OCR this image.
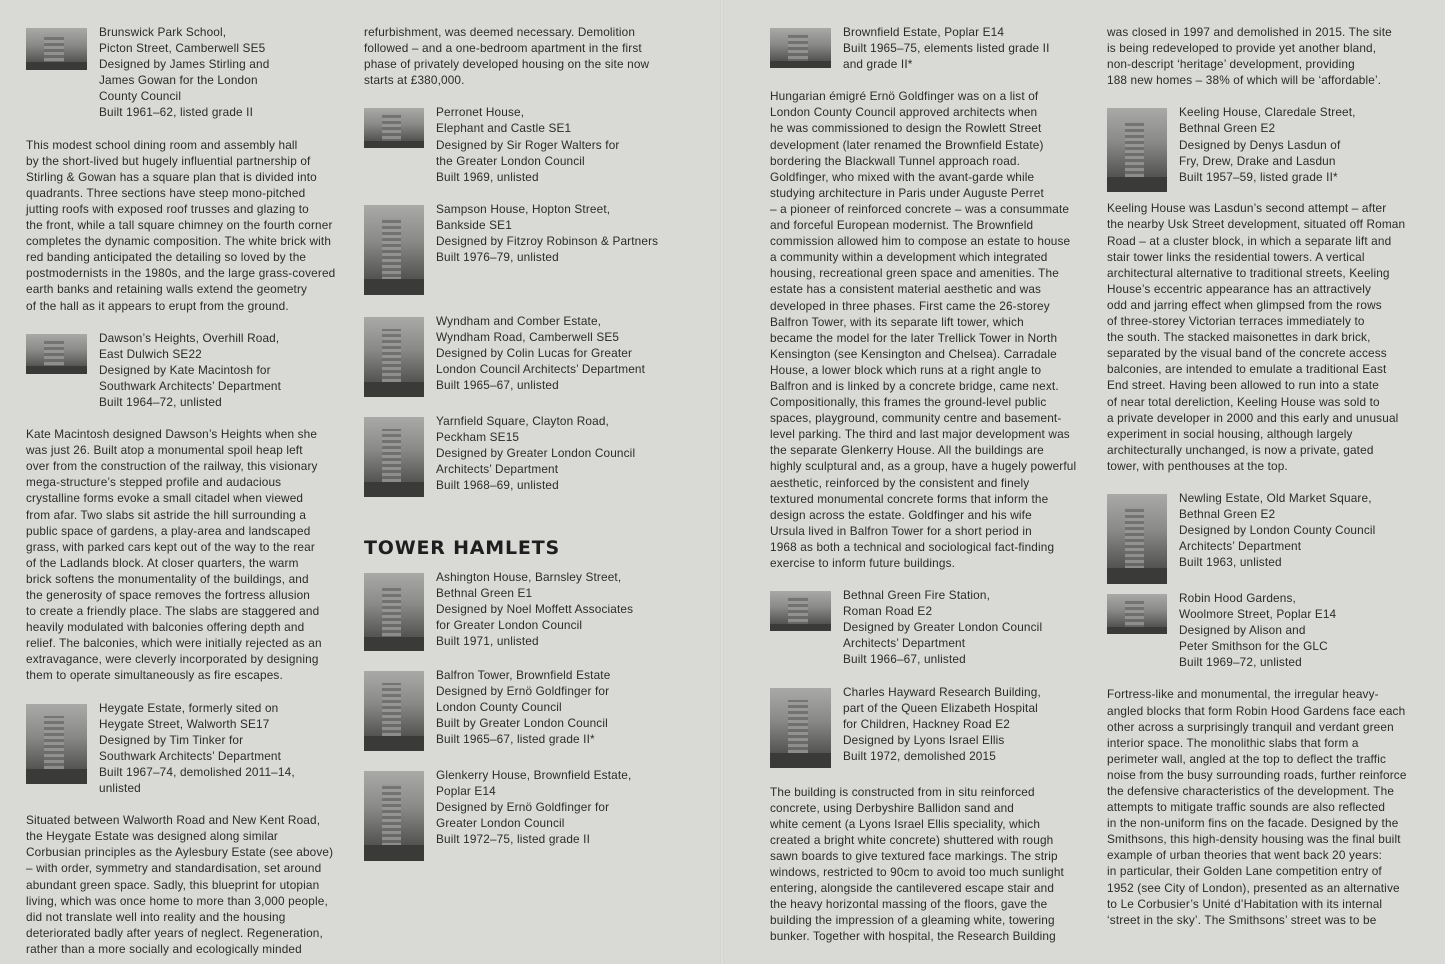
Brunswick Park School,
Picton Street, Camberwell SE5
Designed by James Stirling and
James Gowan for the London
County Council
Built 1961–62, listed grade II
This modest school dining room and assembly hall
by the short-lived but hugely influential partnership of
Stirling & Gowan has a square plan that is divided into
quadrants. Three sections have steep mono-pitched
jutting roofs with exposed roof trusses and glazing to
the front, while a tall square chimney on the fourth corner
completes the dynamic composition. The white brick with
red banding anticipated the detailing so loved by the
postmodernists in the 1980s, and the large grass-covered
earth banks and retaining walls extend the geometry
of the hall as it appears to erupt from the ground.
Dawson’s Heights, Overhill Road,
East Dulwich SE22
Designed by Kate Macintosh for
Southwark Architects’ Department
Built 1964–72, unlisted
Kate Macintosh designed Dawson’s Heights when she
was just 26. Built atop a monumental spoil heap left
over from the construction of the railway, this visionary
mega-structure’s stepped profile and audacious
crystalline forms evoke a small citadel when viewed
from afar. Two slabs sit astride the hill surrounding a
public space of gardens, a play-area and landscaped
grass, with parked cars kept out of the way to the rear
of the Ladlands block. At closer quarters, the warm
brick softens the monumentality of the buildings, and
the generosity of space removes the fortress allusion
to create a friendly place. The slabs are staggered and
heavily modulated with balconies offering depth and
relief. The balconies, which were initially rejected as an
extravagance, were cleverly incorporated by designing
them to operate simultaneously as fire escapes.
Heygate Estate, formerly sited on
Heygate Street, Walworth SE17
Designed by Tim Tinker for
Southwark Architects’ Department
Built 1967–74, demolished 2011–14, unlisted
Situated between Walworth Road and New Kent Road,
the Heygate Estate was designed along similar
Corbusian principles as the Aylesbury Estate (see above)
– with order, symmetry and standardisation, set around
abundant green space. Sadly, this blueprint for utopian
living, which was once home to more than 3,000 people,
did not translate well into reality and the housing
deteriorated badly after years of neglect. Regeneration,
rather than a more socially and ecologically minded
refurbishment, was deemed necessary. Demolition
followed – and a one-bedroom apartment in the first
phase of privately developed housing on the site now
starts at £380,000.
Perronet House,
Elephant and Castle SE1
Designed by Sir Roger Walters for
the Greater London Council
Built 1969, unlisted
Sampson House, Hopton Street,
Bankside SE1
Designed by Fitzroy Robinson & Partners
Built 1976–79, unlisted
Wyndham and Comber Estate,
Wyndham Road, Camberwell SE5
Designed by Colin Lucas for Greater
London Council Architects’ Department
Built 1965–67, unlisted
Yarnfield Square, Clayton Road,
Peckham SE15
Designed by Greater London Council
Architects’ Department
Built 1968–69, unlisted
TOWER HAMLETS
Ashington House, Barnsley Street,
Bethnal Green E1
Designed by Noel Moffett Associates
for Greater London Council
Built 1971, unlisted
Balfron Tower, Brownfield Estate
Designed by Ernö Goldfinger for
London County Council
Built by Greater London Council
Built 1965–67, listed grade II*
Glenkerry House, Brownfield Estate,
Poplar E14
Designed by Ernö Goldfinger for
Greater London Council
Built 1972–75, listed grade II
Brownfield Estate, Poplar E14
Built 1965–75, elements listed grade II
and grade II*
Hungarian émigré Ernö Goldfinger was on a list of
London County Council approved architects when
he was commissioned to design the Rowlett Street
development (later renamed the Brownfield Estate)
bordering the Blackwall Tunnel approach road.
Goldfinger, who mixed with the avant-garde while
studying architecture in Paris under Auguste Perret
– a pioneer of reinforced concrete – was a consummate
and forceful European modernist. The Brownfield
commission allowed him to compose an estate to house
a community within a development which integrated
housing, recreational green space and amenities. The
estate has a consistent material aesthetic and was
developed in three phases. First came the 26-storey
Balfron Tower, with its separate lift tower, which
became the model for the later Trellick Tower in North
Kensington (see Kensington and Chelsea). Carradale
House, a lower block which runs at a right angle to
Balfron and is linked by a concrete bridge, came next.
Compositionally, this frames the ground-level public
spaces, playground, community centre and basement-
level parking. The third and last major development was
the separate Glenkerry House. All the buildings are
highly sculptural and, as a group, have a hugely powerful
aesthetic, reinforced by the consistent and finely
textured monumental concrete forms that inform the
design across the estate. Goldfinger and his wife
Ursula lived in Balfron Tower for a short period in
1968 as both a technical and sociological fact-finding
exercise to inform future buildings.
Bethnal Green Fire Station,
Roman Road E2
Designed by Greater London Council
Architects’ Department
Built 1966–67, unlisted
Charles Hayward Research Building,
part of the Queen Elizabeth Hospital
for Children, Hackney Road E2
Designed by Lyons Israel Ellis
Built 1972, demolished 2015
The building is constructed from in situ reinforced
concrete, using Derbyshire Ballidon sand and
white cement (a Lyons Israel Ellis speciality, which
created a bright white concrete) shuttered with rough
sawn boards to give textured face markings. The strip
windows, restricted to 90cm to avoid too much sunlight
entering, alongside the cantilevered escape stair and
the heavy horizontal massing of the floors, gave the
building the impression of a gleaming white, towering
bunker. Together with hospital, the Research Building
was closed in 1997 and demolished in 2015. The site
is being redeveloped to provide yet another bland,
non-descript ‘heritage’ development, providing
188 new homes – 38% of which will be ‘affordable’.
Keeling House, Claredale Street,
Bethnal Green E2
Designed by Denys Lasdun of
Fry, Drew, Drake and Lasdun
Built 1957–59, listed grade II*
Keeling House was Lasdun’s second attempt – after
the nearby Usk Street development, situated off Roman
Road – at a cluster block, in which a separate lift and
stair tower links the residential towers. A vertical
architectural alternative to traditional streets, Keeling
House’s eccentric appearance has an attractively
odd and jarring effect when glimpsed from the rows
of three-storey Victorian terraces immediately to
the south. The stacked maisonettes in dark brick,
separated by the visual band of the concrete access
balconies, are intended to emulate a traditional East
End street. Having been allowed to run into a state
of near total dereliction, Keeling House was sold to
a private developer in 2000 and this early and unusual
experiment in social housing, although largely
architecturally unchanged, is now a private, gated
tower, with penthouses at the top.
Newling Estate, Old Market Square,
Bethnal Green E2
Designed by London County Council
Architects’ Department
Built 1963, unlisted
Robin Hood Gardens,
Woolmore Street, Poplar E14
Designed by Alison and
Peter Smithson for the GLC
Built 1969–72, unlisted
Fortress-like and monumental, the irregular heavy-
angled blocks that form Robin Hood Gardens face each
other across a surprisingly tranquil and verdant green
interior space. The monolithic slabs that form a
perimeter wall, angled at the top to deflect the traffic
noise from the busy surrounding roads, further reinforce
the defensive characteristics of the development. The
attempts to mitigate traffic sounds are also reflected
in the non-uniform fins on the facade. Designed by the
Smithsons, this high-density housing was the final built
example of urban theories that went back 20 years:
in particular, their Golden Lane competition entry of
1952 (see City of London), presented as an alternative
to Le Corbusier’s Unité d’Habitation with its internal
‘street in the sky’. The Smithsons’ street was to be
